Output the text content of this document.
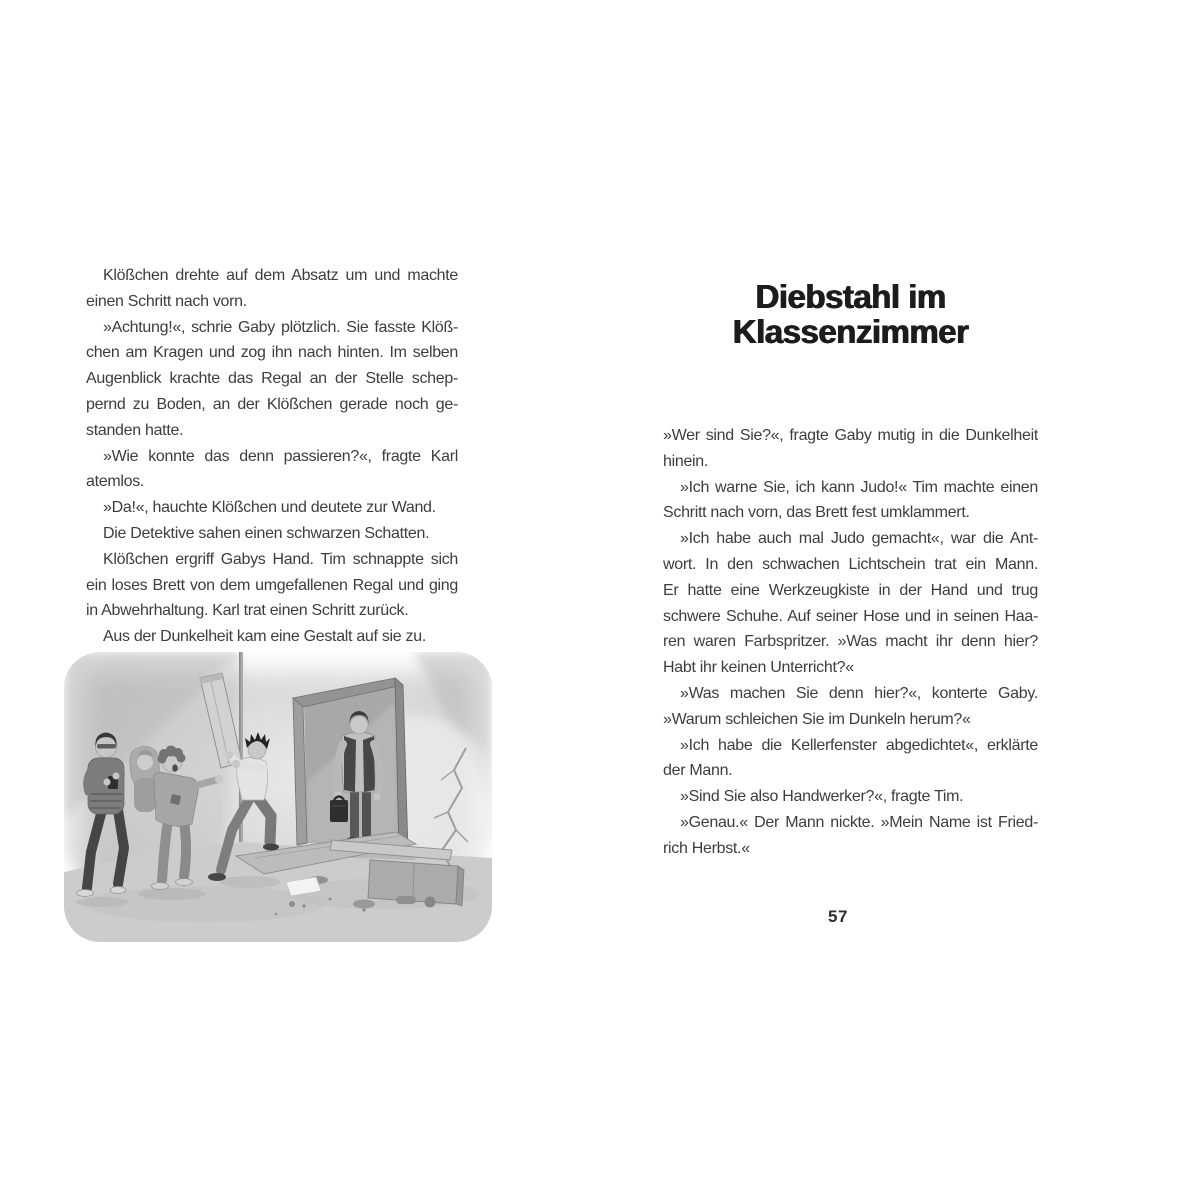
Klößchen drehte auf dem Absatz um und machte
einen Schritt nach vorn.
»Achtung!«, schrie Gaby plötzlich. Sie fasste Klöß-
chen am Kragen und zog ihn nach hinten. Im selben
Augenblick krachte das Regal an der Stelle schep-
pernd zu Boden, an der Klößchen gerade noch ge-
standen hatte.
»Wie konnte das denn passieren?«, fragte Karl
atemlos.
»Da!«, hauchte Klößchen und deutete zur Wand.
Die Detektive sahen einen schwarzen Schatten.
Klößchen ergriff Gabys Hand. Tim schnappte sich
ein loses Brett von dem umgefallenen Regal und ging
in Abwehrhaltung. Karl trat einen Schritt zurück.
Aus der Dunkelheit kam eine Gestalt auf sie zu.
Diebstahl im
Klassenzimmer
»Wer sind Sie?«, fragte Gaby mutig in die Dunkelheit
hinein.
»Ich warne Sie, ich kann Judo!« Tim machte einen
Schritt nach vorn, das Brett fest umklammert.
»Ich habe auch mal Judo gemacht«, war die Ant-
wort. In den schwachen Lichtschein trat ein Mann.
Er hatte eine Werkzeugkiste in der Hand und trug
schwere Schuhe. Auf seiner Hose und in seinen Haa-
ren waren Farbspritzer. »Was macht ihr denn hier?
Habt ihr keinen Unterricht?«
»Was machen Sie denn hier?«, konterte Gaby.
»Warum schleichen Sie im Dunkeln herum?«
»Ich habe die Kellerfenster abgedichtet«, erklärte
der Mann.
»Sind Sie also Handwerker?«, fragte Tim.
»Genau.« Der Mann nickte. »Mein Name ist Fried-
rich Herbst.«
57
